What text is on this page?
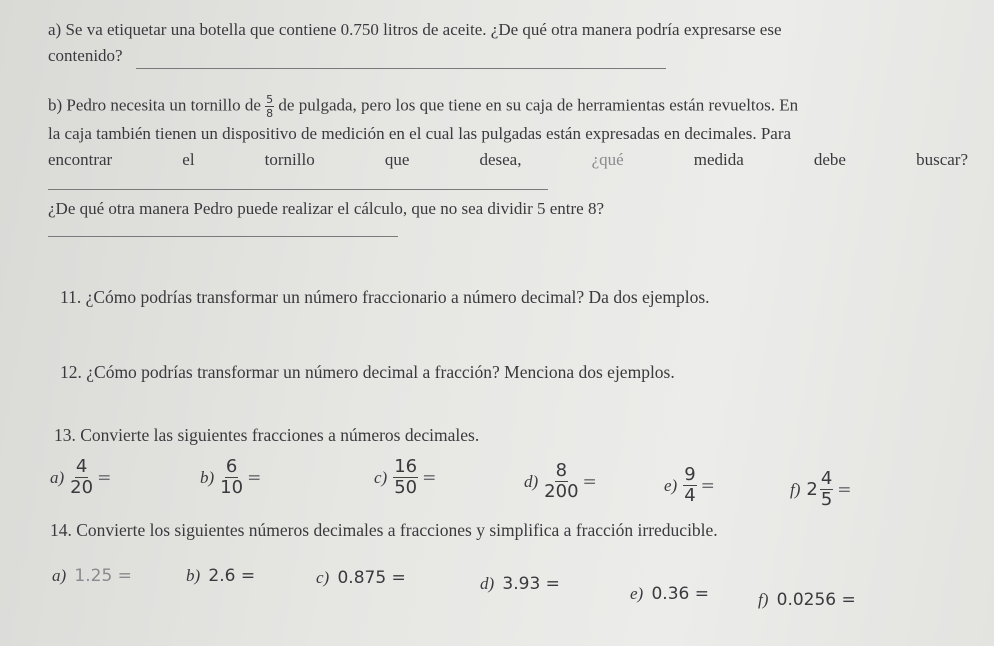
a) Se va etiquetar una botella que contiene 0.750 litros de aceite. ¿De qué otra manera podría expresarse ese
contenido?
b) Pedro necesita un tornillo de $\frac{5}{8}$ de pulgada, pero los que tiene en su caja de herramientas están revueltos. En
la caja también tienen un dispositivo de medición en el cual las pulgadas están expresadas en decimales. Para
encontrar	el	tornillo	que	desea,	¿qué	medida	debe	buscar?
¿De qué otra manera Pedro puede realizar el cálculo, que no sea dividir 5 entre 8?
11. ¿Cómo podrías transformar un número fraccionario a número decimal? Da dos ejemplos.
12. ¿Cómo podrías transformar un número decimal a fracción? Menciona dos ejemplos.
13. Convierte las siguientes fracciones a números decimales.
$a) \frac{4}{20}$ =	$b) \frac{6}{10}$ =	$c) \frac{16}{50}$ =	$d) \frac{8}{200}$ =	$e) \frac{9}{4}$ =	f) $2 \frac{4}{5}$ =
14. Convierte los siguientes números decimales a fracciones y simplifica a fracción irreducible.
a) 1.25 =	b) 2.6 =	c) 0.875 =	d) 3.93 =	e) 0.36 =	f) 0.0256 =
